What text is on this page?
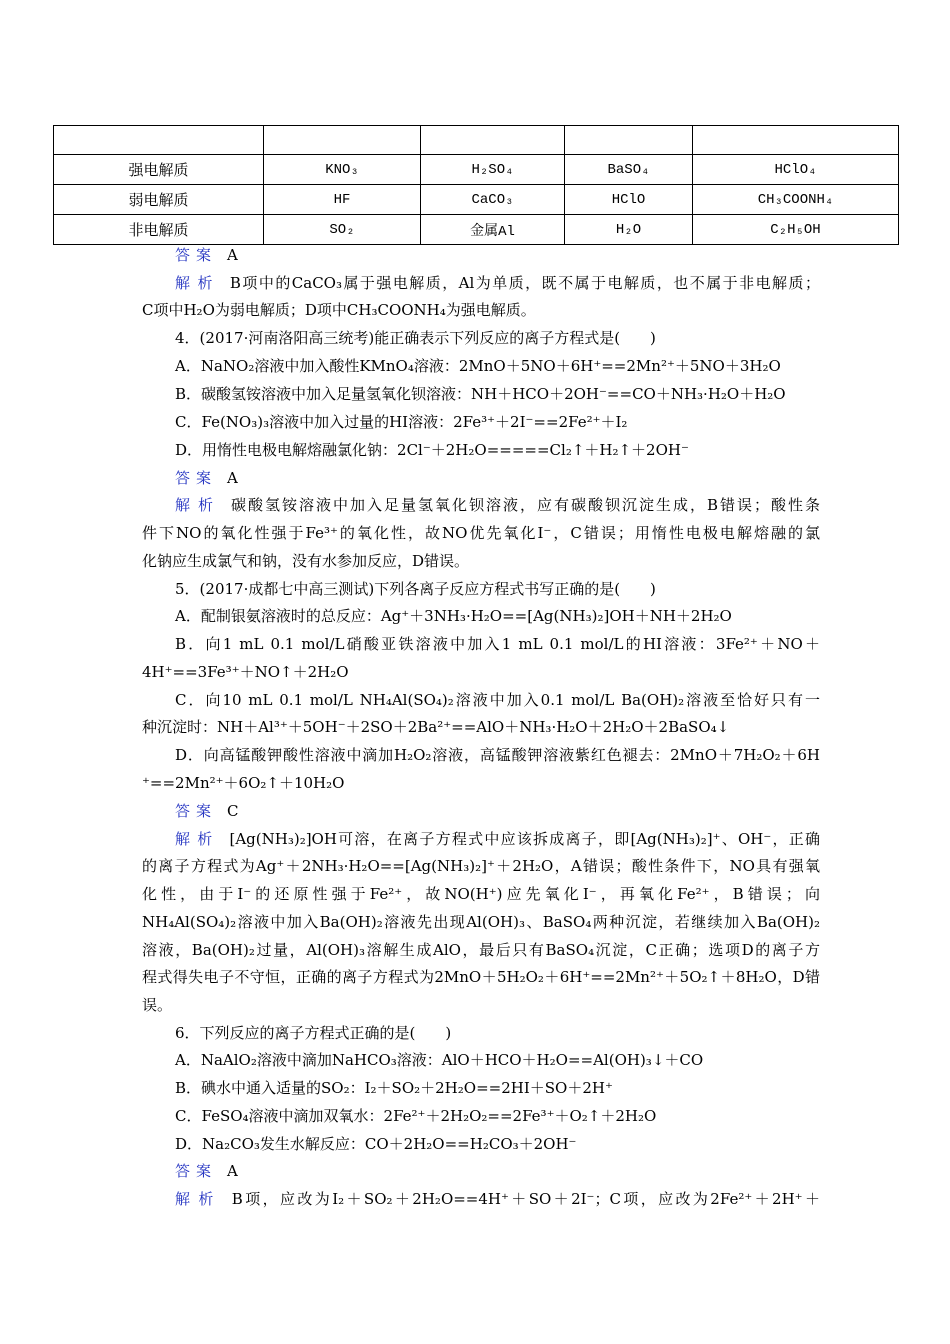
强电解质	KNO₃	H₂SO₄	BaSO₄	HClO₄
弱电解质	HF	CaCO₃	HClO	CH₃COONH₄
非电解质	SO₂	金属Al	H₂O	C₂H₅OH
答案 A
解析 B项中的CaCO₃属于强电解质，Al为单质，既不属于电解质，也不属于非电解质；
C项中H₂O为弱电解质；D项中CH₃COONH₄为强电解质。
4．(2017·河南洛阳高三统考)能正确表示下列反应的离子方程式是(　　)
A．NaNO₂溶液中加入酸性KMnO₄溶液：2MnO＋5NO＋6H⁺==2Mn²⁺＋5NO＋3H₂O
B．碳酸氢铵溶液中加入足量氢氧化钡溶液：NH＋HCO＋2OH⁻==CO＋NH₃·H₂O＋H₂O
C．Fe(NO₃)₃溶液中加入过量的HI溶液：2Fe³⁺＋2I⁻==2Fe²⁺＋I₂
D．用惰性电极电解熔融氯化钠：2Cl⁻＋2H₂O=====Cl₂↑＋H₂↑＋2OH⁻
答案 A
解析 碳酸氢铵溶液中加入足量氢氧化钡溶液，应有碳酸钡沉淀生成，B错误；酸性条
件下NO的氧化性强于Fe³⁺的氧化性，故NO优先氧化I⁻，C错误；用惰性电极电解熔融的氯
化钠应生成氯气和钠，没有水参加反应，D错误。
5．(2017·成都七中高三测试)下列各离子反应方程式书写正确的是(　　)
A．配制银氨溶液时的总反应：Ag⁺＋3NH₃·H₂O==[Ag(NH₃)₂]OH＋NH＋2H₂O
B．向1 mL 0.1 mol/L硝酸亚铁溶液中加入1 mL 0.1 mol/L的HI溶液：3Fe²⁺＋NO＋
4H⁺==3Fe³⁺＋NO↑＋2H₂O
C．向10 mL 0.1 mol/L NH₄Al(SO₄)₂溶液中加入0.1 mol/L Ba(OH)₂溶液至恰好只有一
种沉淀时：NH＋Al³⁺＋5OH⁻＋2SO＋2Ba²⁺==AlO＋NH₃·H₂O＋2H₂O＋2BaSO₄↓
D．向高锰酸钾酸性溶液中滴加H₂O₂溶液，高锰酸钾溶液紫红色褪去：2MnO＋7H₂O₂＋6H
⁺==2Mn²⁺＋6O₂↑＋10H₂O
答案 C
解析 [Ag(NH₃)₂]OH可溶，在离子方程式中应该拆成离子，即[Ag(NH₃)₂]⁺、OH⁻，正确
的离子方程式为Ag⁺＋2NH₃·H₂O==[Ag(NH₃)₂]⁺＋2H₂O，A错误；酸性条件下，NO具有强氧
化性，由于I⁻的还原性强于Fe²⁺，故NO(H⁺)应先氧化I⁻，再氧化Fe²⁺，B错误；向
NH₄Al(SO₄)₂溶液中加入Ba(OH)₂溶液先出现Al(OH)₃、BaSO₄两种沉淀，若继续加入Ba(OH)₂
溶液，Ba(OH)₂过量，Al(OH)₃溶解生成AlO，最后只有BaSO₄沉淀，C正确；选项D的离子方
程式得失电子不守恒，正确的离子方程式为2MnO＋5H₂O₂＋6H⁺==2Mn²⁺＋5O₂↑＋8H₂O，D错
误。
6．下列反应的离子方程式正确的是(　　)
A．NaAlO₂溶液中滴加NaHCO₃溶液：AlO＋HCO＋H₂O==Al(OH)₃↓＋CO
B．碘水中通入适量的SO₂：I₂＋SO₂＋2H₂O==2HI＋SO＋2H⁺
C．FeSO₄溶液中滴加双氧水：2Fe²⁺＋2H₂O₂==2Fe³⁺＋O₂↑＋2H₂O
D．Na₂CO₃发生水解反应：CO＋2H₂O==H₂CO₃＋2OH⁻
答案 A
解析 B项，应改为I₂＋SO₂＋2H₂O==4H⁺＋SO＋2I⁻；C项，应改为2Fe²⁺＋2H⁺＋
